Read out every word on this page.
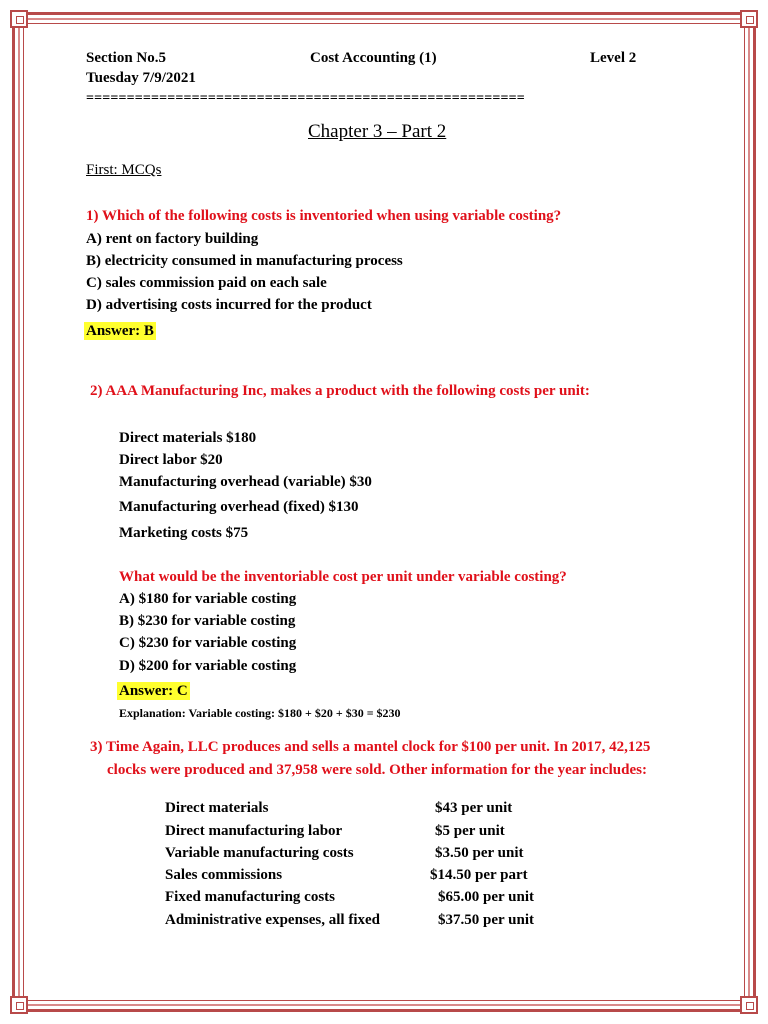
Section No.5	Cost Accounting (1)	Level 2
Tuesday 7/9/2021
======================================================
Chapter 3 – Part 2
First: MCQs
1) Which of the following costs is inventoried when using variable costing?
A) rent on factory building
B) electricity consumed in manufacturing process
C) sales commission paid on each sale
D) advertising costs incurred for the product
Answer: B
2) AAA Manufacturing Inc, makes a product with the following costs per unit:
Direct materials $180
Direct labor $20
Manufacturing overhead (variable) $30
Manufacturing overhead (fixed) $130
Marketing costs $75
What would be the inventoriable cost per unit under variable costing?
A) $180 for variable costing
B) $230 for variable costing
C) $230 for variable costing
D) $200 for variable costing
Answer: C
Explanation: Variable costing: $180 + $20 + $30 = $230
3) Time Again, LLC produces and sells a mantel clock for $100 per unit. In 2017, 42,125
clocks were produced and 37,958 were sold. Other information for the year includes:
Direct materials	$43 per unit
Direct manufacturing labor	$5 per unit
Variable manufacturing costs	$3.50 per unit
Sales commissions	$14.50 per part
Fixed manufacturing costs	$65.00 per unit
Administrative expenses, all fixed	$37.50 per unit
